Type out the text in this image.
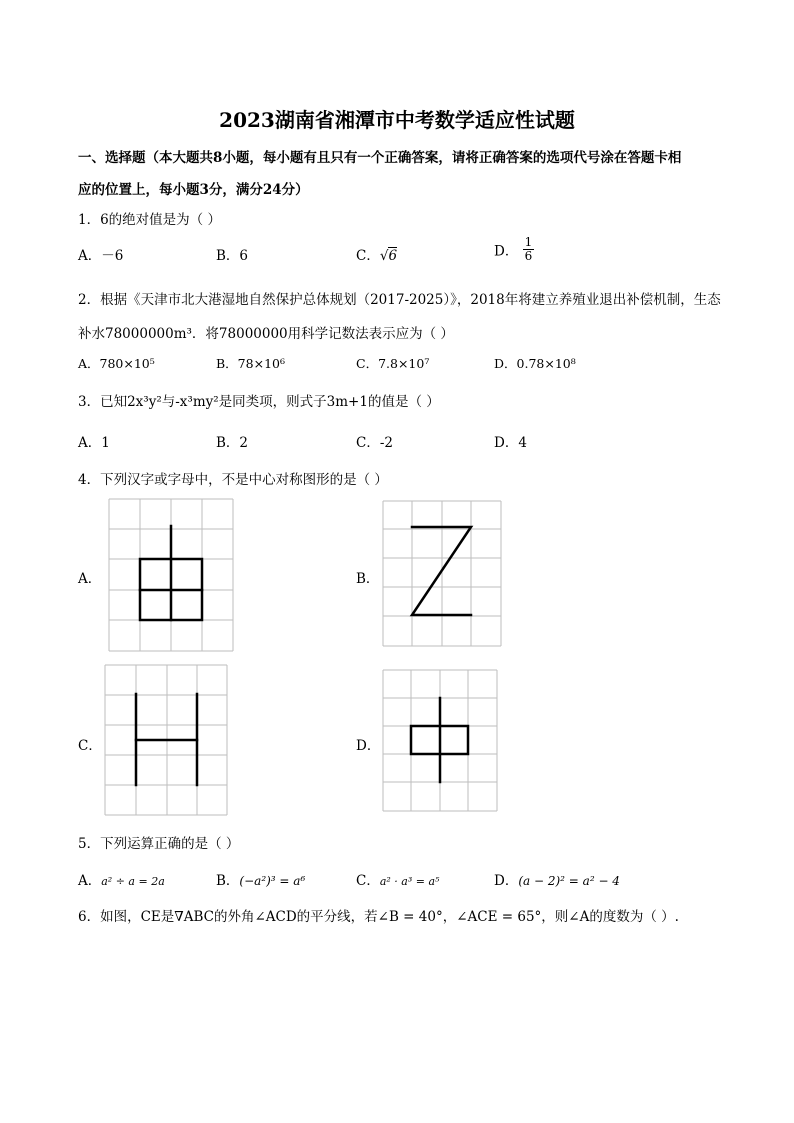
2023湖南省湘潭市中考数学适应性试题
一、选择题（本大题共8小题，每小题有且只有一个正确答案，请将正确答案的选项代号涂在答题卡相
应的位置上，每小题3分，满分24分）
1．6的绝对值是为（ ）
A．－6	B．6	C．√6	D． $\frac{1}{6}$
2．根据《天津市北大港湿地自然保护总体规划（2017-2025）》，2018年将建立养殖业退出补偿机制，生态
补水78000000m³．将78000000用科学记数法表示应为（ ）
A．780×10⁵	B．78×10⁶	C．7.8×10⁷	D．0.78×10⁸
3．已知2x³y²与-x³my²是同类项，则式子3m+1的值是（ ）
A．1	B．2	C．-2	D．4
4．下列汉字或字母中，不是中心对称图形的是（ ）
A．	B．
C．	D．
5．下列运算正确的是（ ）
A．a² ÷ a = 2a	B．(−a²)³ = a⁶	C．a² · a³ = a⁵	D．(a − 2)² = a² − 4
6．如图，CE是∇ABC的外角∠ACD的平分线，若∠B = 40°，∠ACE = 65°，则∠A的度数为（ ）.
